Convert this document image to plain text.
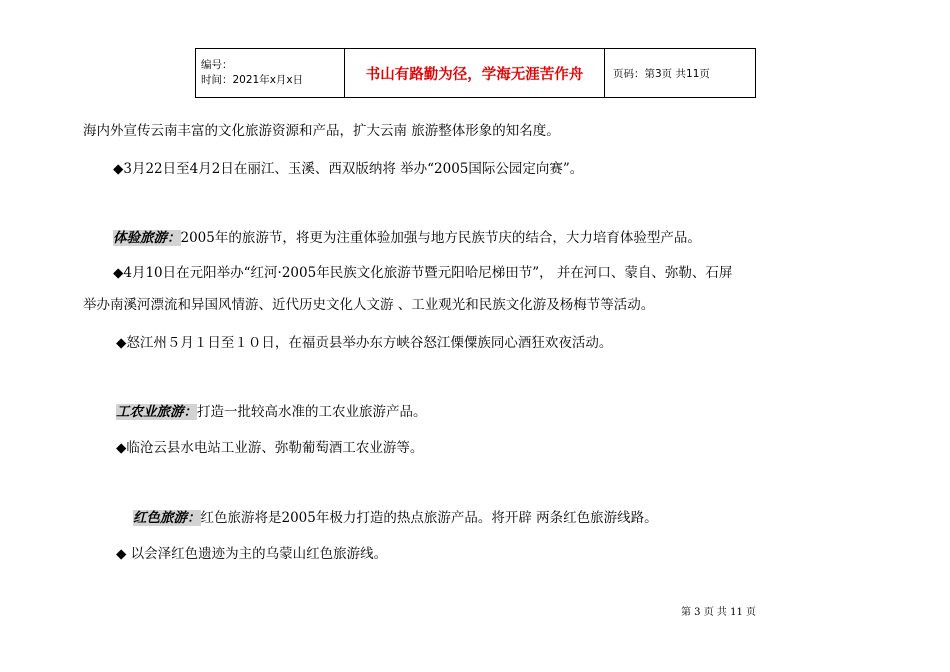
编号：
时间：2021年x月x日	书山有路勤为径，学海无涯苦作舟	页码：第3页 共11页
海内外宣传云南丰富的文化旅游资源和产品，扩大云南 旅游整体形象的知名度。
◆3月22日至4月2日在丽江、玉溪、西双版纳将 举办“2005国际公园定向赛”。
体验旅游：2005年的旅游节，将更为注重体验加强与地方民族节庆的结合，大力培育体验型产品。
◆4月10日在元阳举办“红河·2005年民族文化旅游节暨元阳哈尼梯田节”， 并在河口、蒙自、弥勒、石屏
举办南溪河漂流和异国风情游、近代历史文化人文游 、工业观光和民族文化游及杨梅节等活动。
◆怒江州５月１日至１０日，在福贡县举办东方峡谷怒江傈僳族同心酒狂欢夜活动。
工农业旅游：打造一批较高水准的工农业旅游产品。
◆临沧云县水电站工业游、弥勒葡萄酒工农业游等。
红色旅游：红色旅游将是2005年极力打造的热点旅游产品。将开辟 两条红色旅游线路。
◆ 以会泽红色遗迹为主的乌蒙山红色旅游线。
第 3 页 共 11 页
